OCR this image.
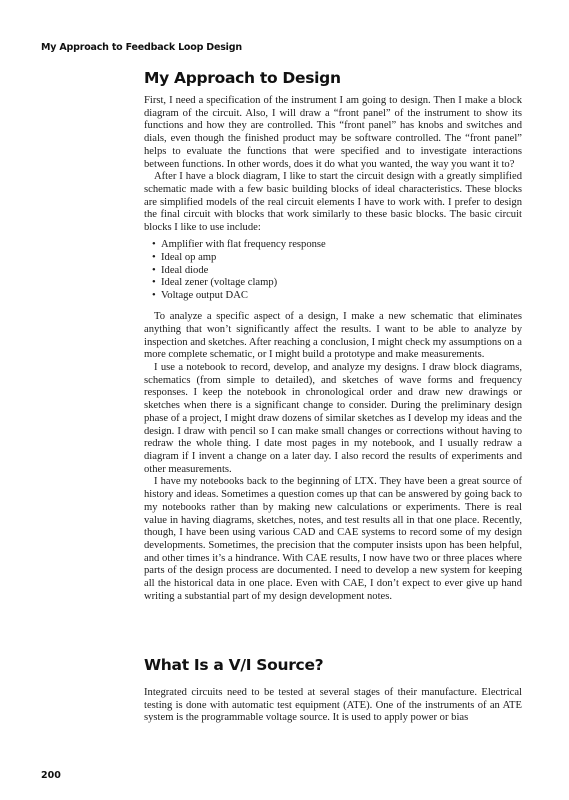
My Approach to Feedback Loop Design
My Approach to Design

First, I need a specification of the instrument I am going to design. Then I make a block diagram of the circuit. Also, I will draw a “front panel” of the instrument to show its functions and how they are controlled. This “front panel” has knobs and switches and dials, even though the finished product may be software controlled. The “front panel” helps to evaluate the functions that were specified and to investigate interactions between functions. In other words, does it do what you wanted, the way you want it to?

After I have a block diagram, I like to start the circuit design with a greatly simplified schematic made with a few basic building blocks of ideal characteristics. These blocks are simplified models of the real circuit elements I have to work with. I prefer to design the final circuit with blocks that work similarly to these basic blocks. The basic circuit blocks I like to use include:

• Amplifier with flat frequency response
• Ideal op amp
• Ideal diode
• Ideal zener (voltage clamp)
• Voltage output DAC

To analyze a specific aspect of a design, I make a new schematic that eliminates anything that won’t significantly affect the results. I want to be able to analyze by inspection and sketches. After reaching a conclusion, I might check my assumptions on a more complete schematic, or I might build a prototype and make measurements.

I use a notebook to record, develop, and analyze my designs. I draw block diagrams, schematics (from simple to detailed), and sketches of wave forms and frequency responses. I keep the notebook in chronological order and draw new drawings or sketches when there is a significant change to consider. During the preliminary design phase of a project, I might draw dozens of similar sketches as I develop my ideas and the design. I draw with pencil so I can make small changes or corrections without having to redraw the whole thing. I date most pages in my notebook, and I usually redraw a diagram if I invent a change on a later day. I also record the results of experiments and other measurements.

I have my notebooks back to the beginning of LTX. They have been a great source of history and ideas. Sometimes a question comes up that can be answered by going back to my notebooks rather than by making new calculations or experiments. There is real value in having diagrams, sketches, notes, and test results all in that one place. Recently, though, I have been using various CAD and CAE systems to record some of my design developments. Sometimes, the precision that the computer insists upon has been helpful, and other times it’s a hindrance. With CAE results, I now have two or three places where parts of the design process are documented. I need to develop a new system for keeping all the historical data in one place. Even with CAE, I don’t expect to ever give up hand writing a substantial part of my design development notes.

What Is a V/I Source?

Integrated circuits need to be tested at several stages of their manufacture. Electrical testing is done with automatic test equipment (ATE). One of the instruments of an ATE system is the programmable voltage source. It is used to apply power or bias

200
